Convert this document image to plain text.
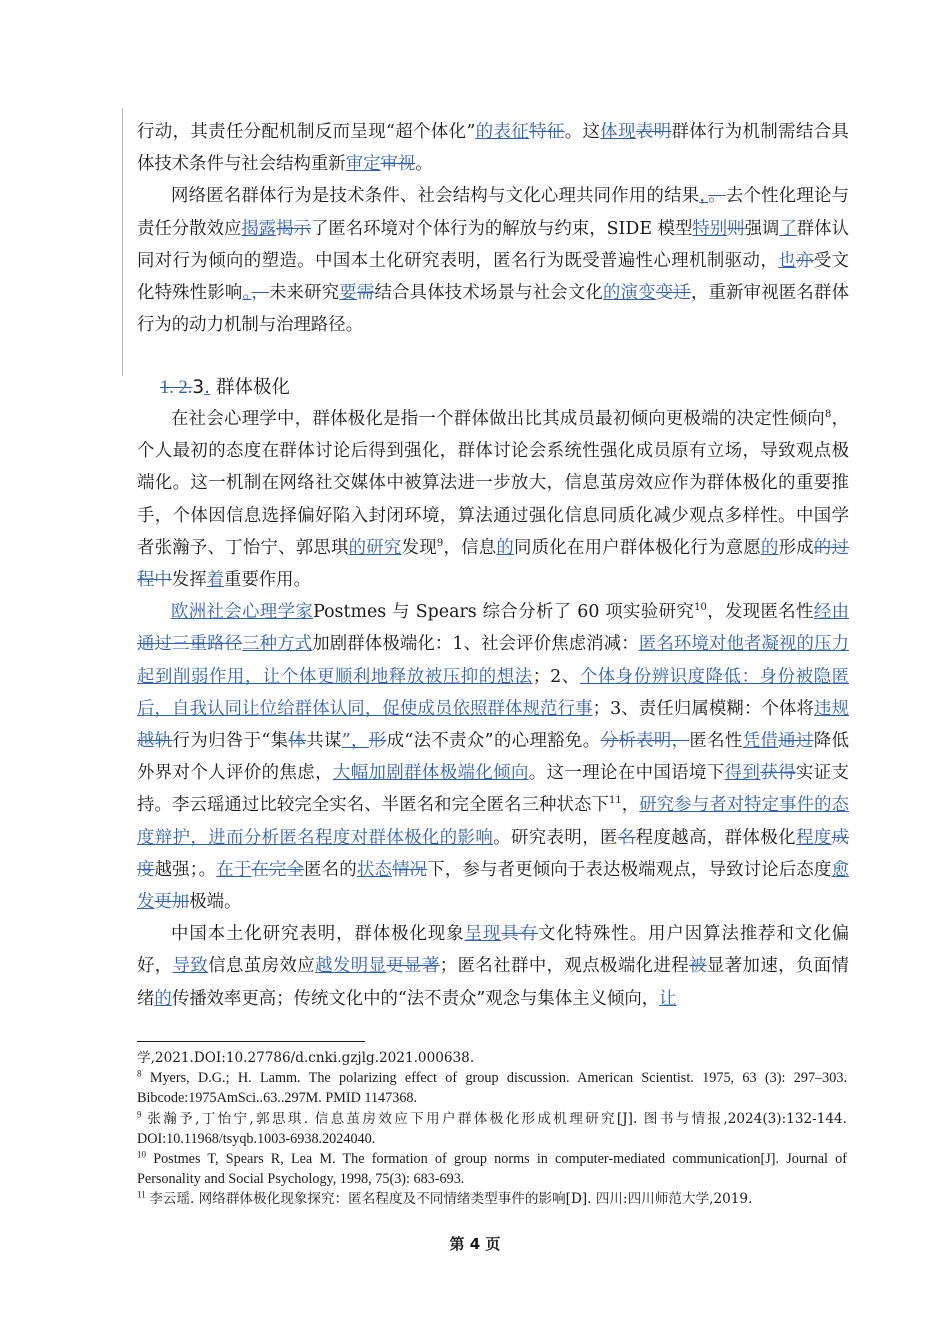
行动，其责任分配机制反而呈现“超个体化”的表征特征。这体现表明群体行为机制需结合具体技术条件与社会结构重新审定审视。

网络匿名群体行为是技术条件、社会结构与文化心理共同作用的结果，。去个性化理论与责任分散效应揭露揭示了匿名环境对个体行为的解放与约束，SIDE 模型特别则强调了群体认同对行为倾向的塑造。中国本土化研究表明，匿名行为既受普遍性心理机制驱动，也亦受文化特殊性影响。，未来研究要需结合具体技术场景与社会文化的演变变迁，重新审视匿名群体行为的动力机制与治理路径。

1. 2.3. 群体极化

在社会心理学中，群体极化是指一个群体做出比其成员最初倾向更极端的决定性倾向$^8$，个人最初的态度在群体讨论后得到强化，群体讨论会系统性强化成员原有立场，导致观点极端化。这一机制在网络社交媒体中被算法进一步放大，信息茧房效应作为群体极化的重要推手，个体因信息选择偏好陷入封闭环境，算法通过强化信息同质化减少观点多样性。中国学者张瀚予、丁怡宁、郭思琪的研究发现$^9$，信息的同质化在用户群体极化行为意愿的形成的过程中发挥着重要作用。

欧洲社会心理学家Postmes 与 Spears 综合分析了 60 项实验研究$^{10}$，发现匿名性经由通过三重路径三种方式加剧群体极端化：1、社会评价焦虑消减：匿名环境对他者凝视的压力起到削弱作用，让个体更顺利地释放被压抑的想法；2、个体身份辨识度降低：身份被隐匿后，自我认同让位给群体认同，促使成员依照群体规范行事；3、责任归属模糊：个体将违规越轨行为归咎于“集体共谋”，形成“法不责众”的心理豁免。分析表明，匿名性凭借通过降低外界对个人评价的焦虑，大幅加剧群体极端化倾向。这一理论在中国语境下得到获得实证支持。李云瑶通过比较完全实名、半匿名和完全匿名三种状态下$^{11}$，研究参与者对特定事件的态度辩护，进而分析匿名程度对群体极化的影响。研究表明，匿名程度越高，群体极化程度成度越强；。在于在完全匿名的状态情况下，参与者更倾向于表达极端观点，导致讨论后态度愈发更加极端。

中国本土化研究表明，群体极化现象呈现具有文化特殊性。用户因算法推荐和文化偏好，导致信息茧房效应越发明显更显著；匿名社群中，观点极端化进程被显著加速，负面情绪的传播效率更高；传统文化中的“法不责众”观念与集体主义倾向，让

学,2021.DOI:10.27786/d.cnki.gzjlg.2021.000638.

$^8$ Myers, D.G.; H. Lamm. The polarizing effect of group discussion. American Scientist. 1975, 63 (3): 297–303. Bibcode:1975AmSci..63..297M. PMID 1147368.

$^9$ 张瀚予,丁怡宁,郭思琪. 信息茧房效应下用户群体极化形成机理研究[J]. 图书与情报,2024(3):132-144. DOI:10.11968/tsyqb.1003-6938.2024040.

$^{10}$ Postmes T, Spears R, Lea M. The formation of group norms in computer-mediated communication[J]. Journal of Personality and Social Psychology, 1998, 75(3): 683-693.

$^{11}$ 李云瑶. 网络群体极化现象探究：匿名程度及不同情绪类型事件的影响[D]. 四川:四川师范大学,2019.

第 4 页
